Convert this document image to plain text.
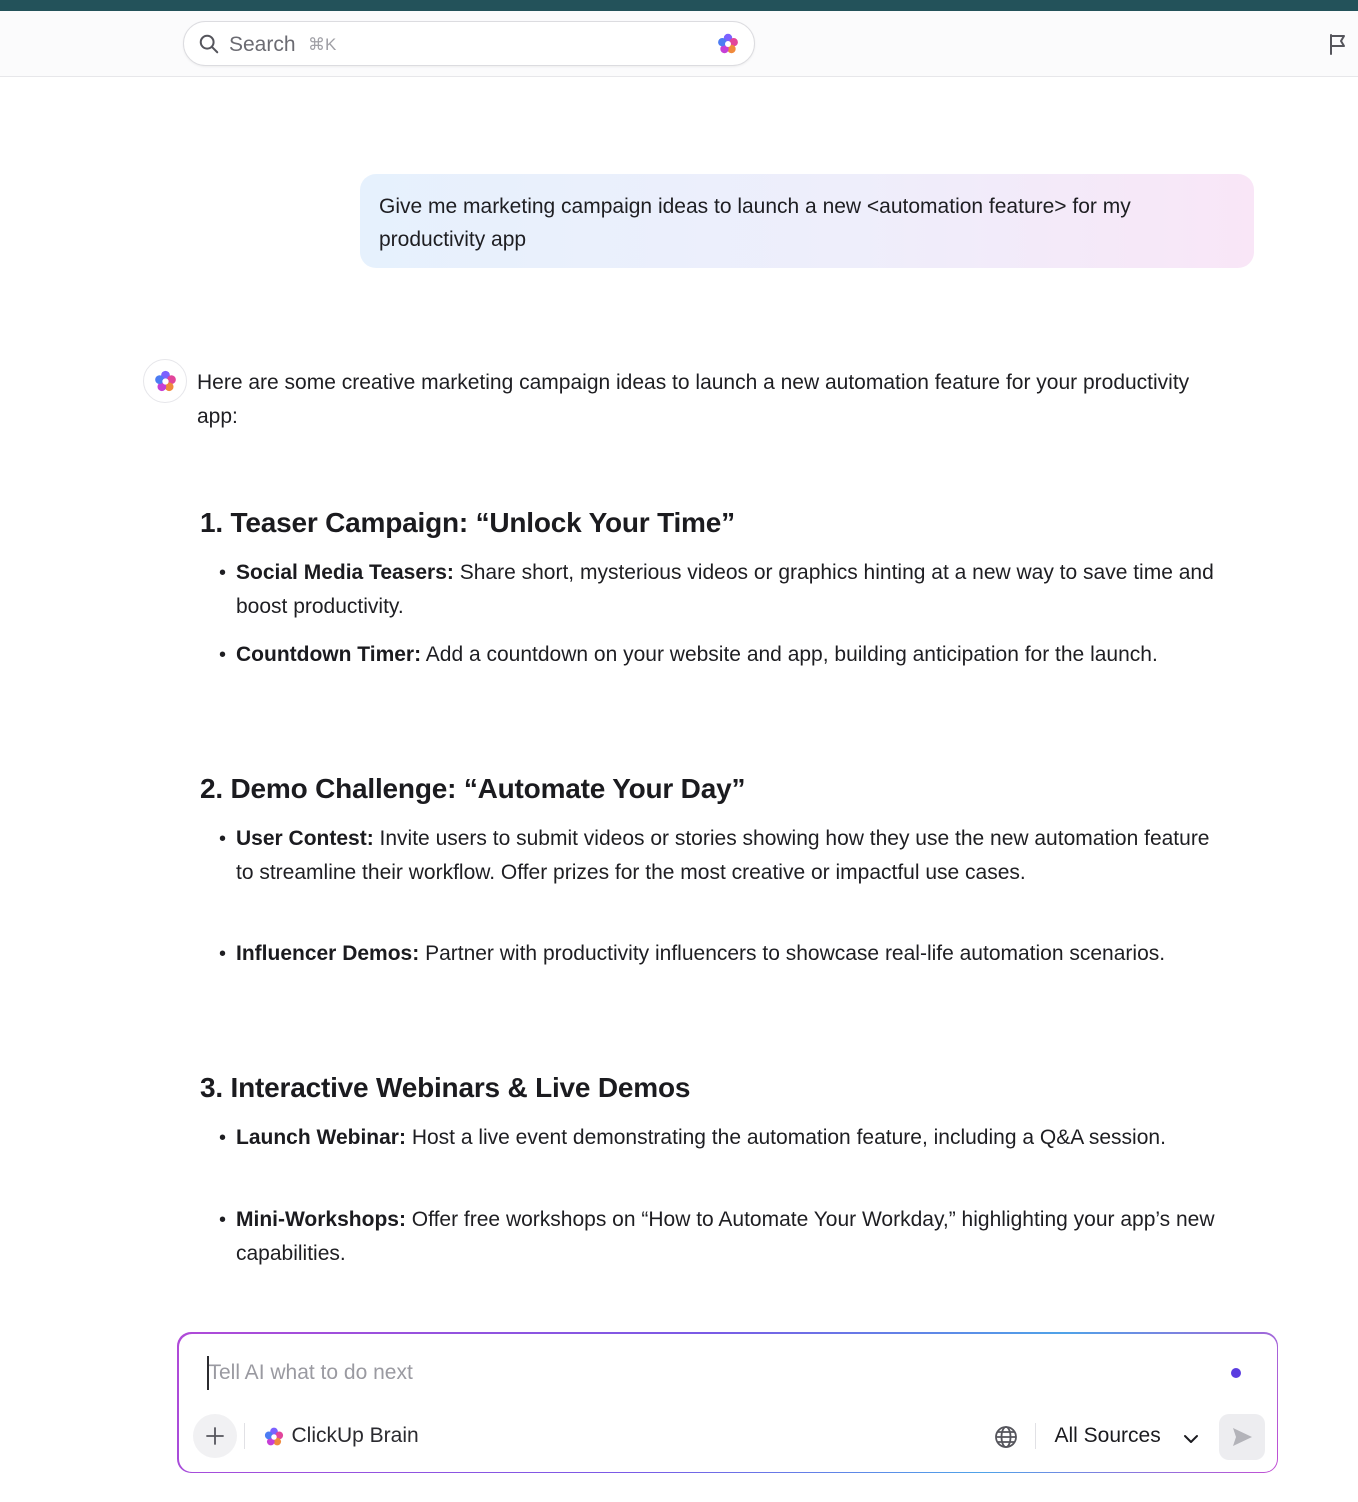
Search ⌘K
Give me marketing campaign ideas to launch a new <automation feature> for my productivity app
Here are some creative marketing campaign ideas to launch a new automation feature for your productivity app:
1. Teaser Campaign: “Unlock Your Time”
• Social Media Teasers: Share short, mysterious videos or graphics hinting at a new way to save time and boost productivity.
• Countdown Timer: Add a countdown on your website and app, building anticipation for the launch.
2. Demo Challenge: “Automate Your Day”
• User Contest: Invite users to submit videos or stories showing how they use the new automation feature to streamline their workflow. Offer prizes for the most creative or impactful use cases.
• Influencer Demos: Partner with productivity influencers to showcase real-life automation scenarios.
3. Interactive Webinars & Live Demos
• Launch Webinar: Host a live event demonstrating the automation feature, including a Q&A session.
• Mini-Workshops: Offer free workshops on “How to Automate Your Workday,” highlighting your app’s new capabilities.
Tell AI what to do next
ClickUp Brain	All Sources
